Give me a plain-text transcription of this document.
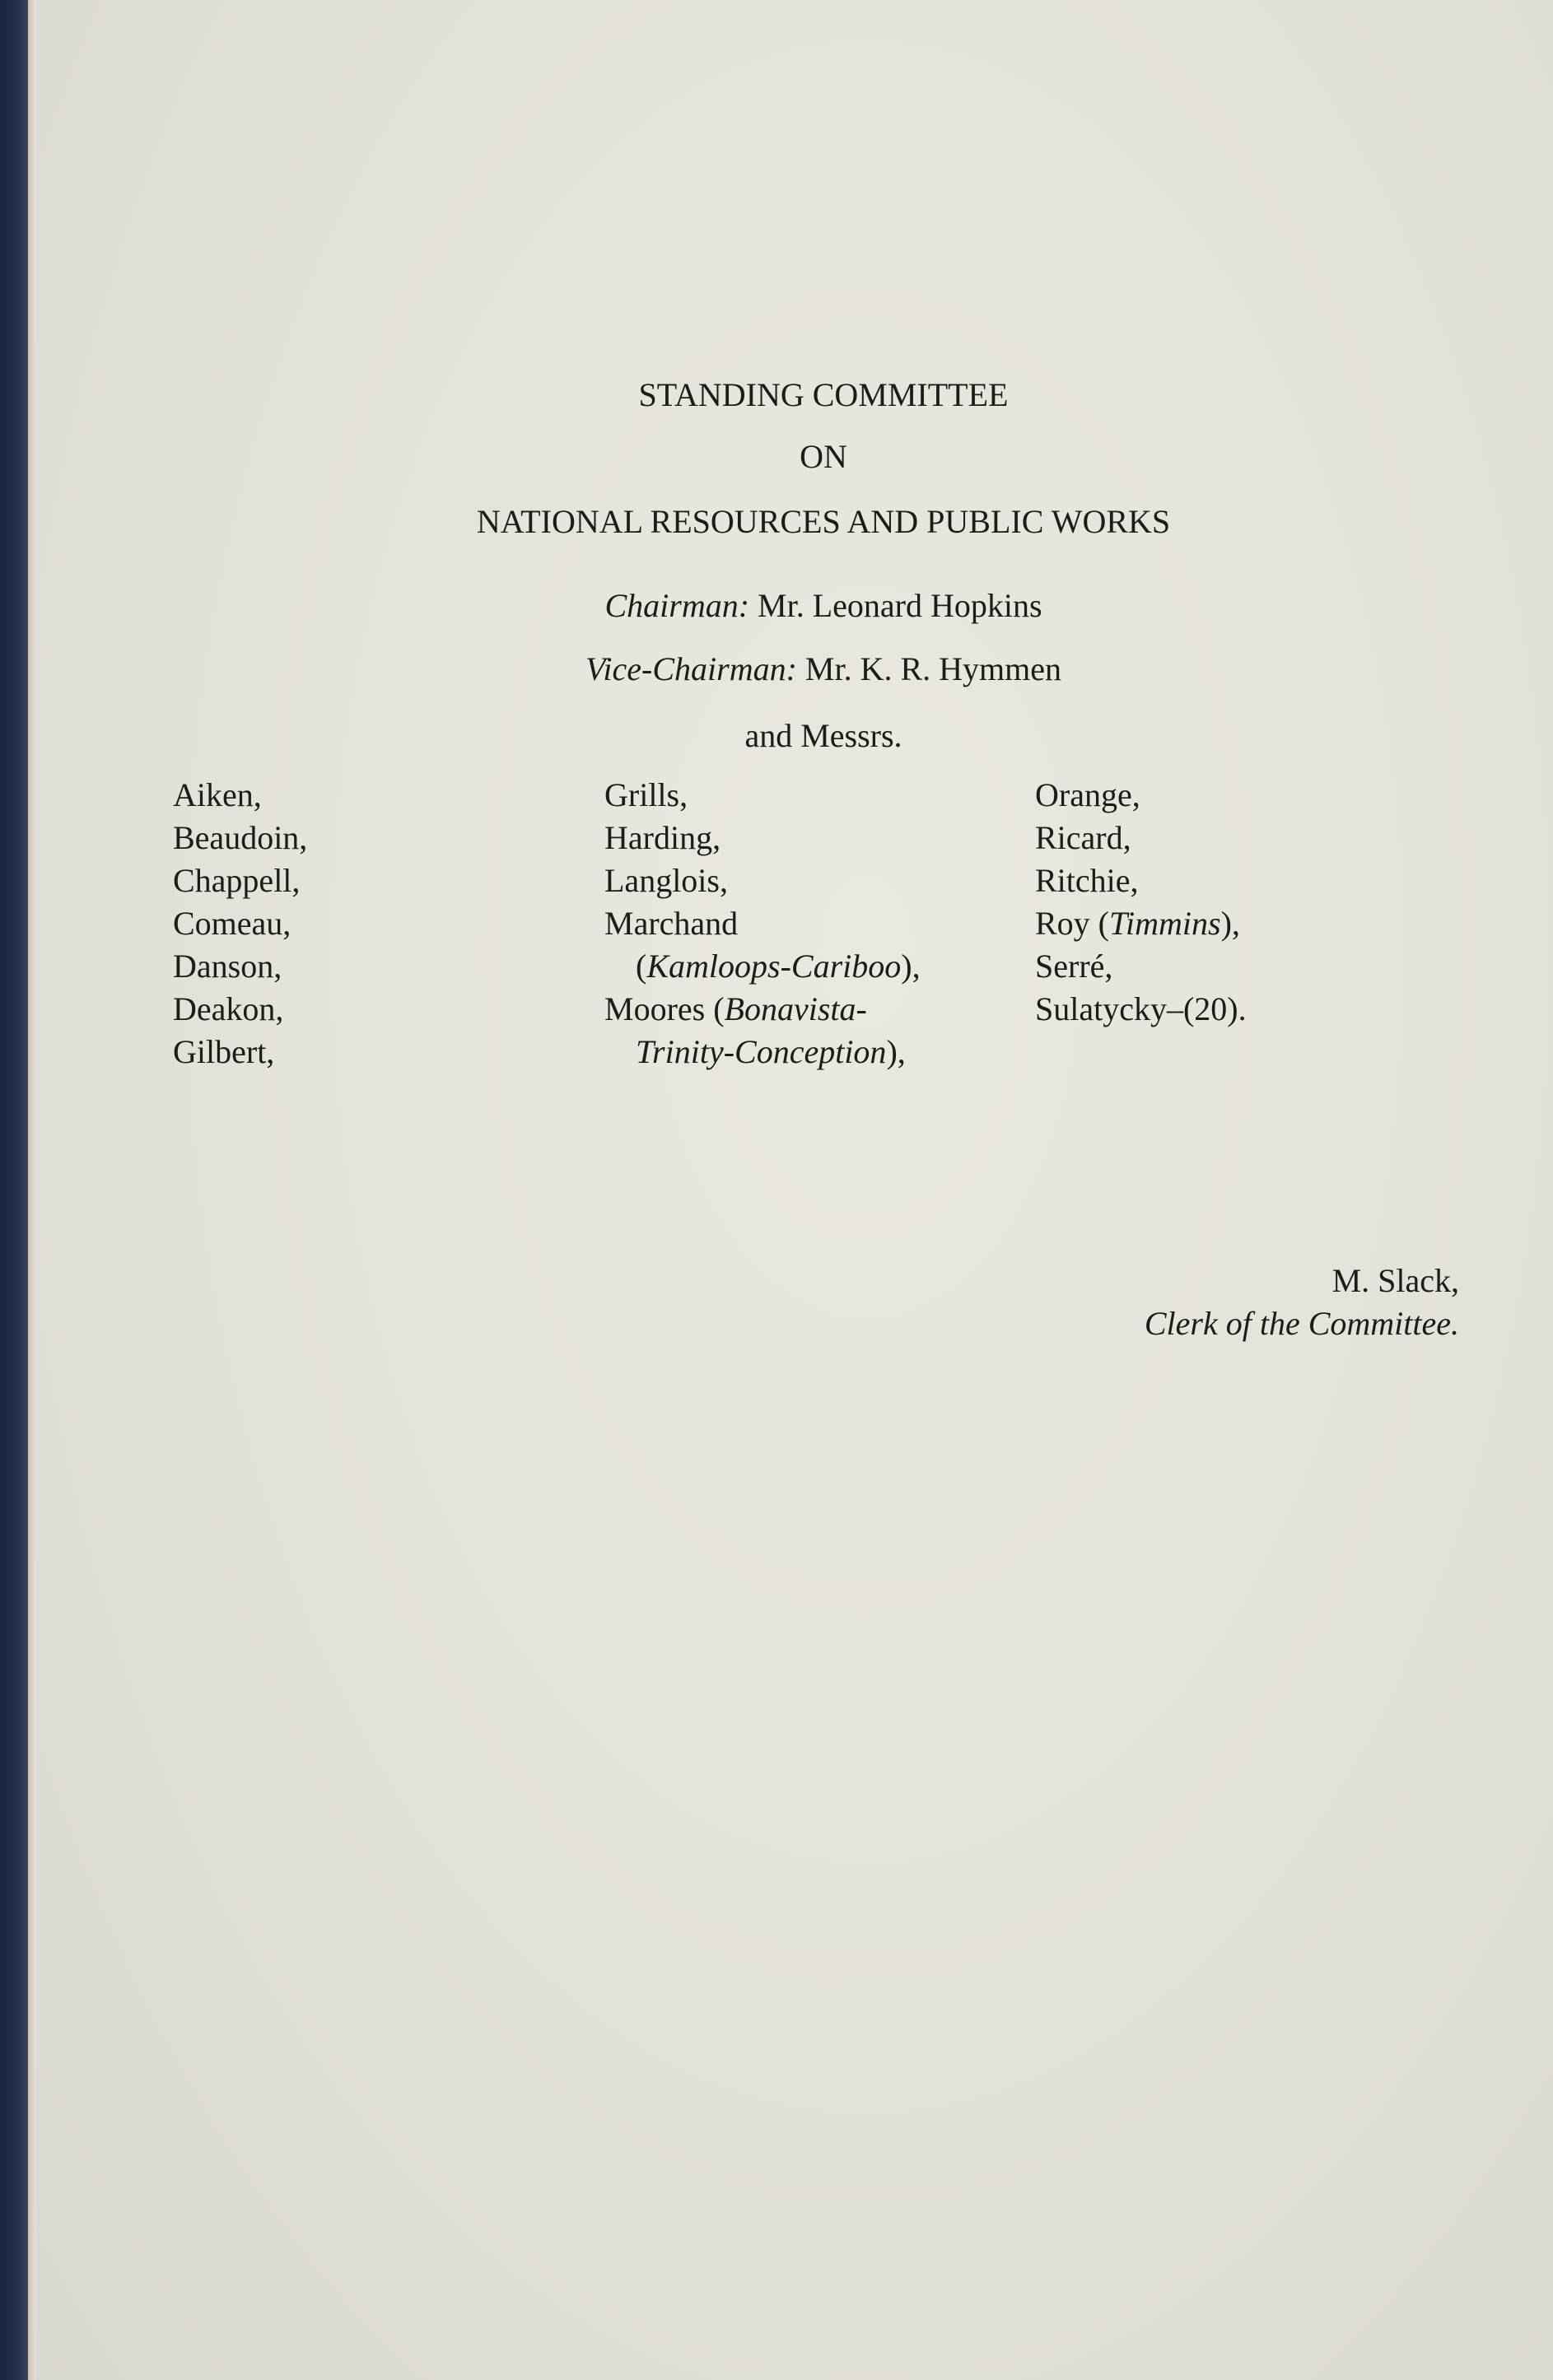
STANDING COMMITTEE
ON
NATIONAL RESOURCES AND PUBLIC WORKS
Chairman: Mr. Leonard Hopkins
Vice-Chairman: Mr. K. R. Hymmen
and Messrs.
Aiken,
Beaudoin,
Chappell,
Comeau,
Danson,
Deakon,
Gilbert,
Grills,
Harding,
Langlois,
Marchand
(Kamloops-Cariboo),
Moores (Bonavista-
Trinity-Conception),
Orange,
Ricard,
Ritchie,
Roy (Timmins),
Serré,
Sulatycky–(20).
M. Slack,
Clerk of the Committee.
